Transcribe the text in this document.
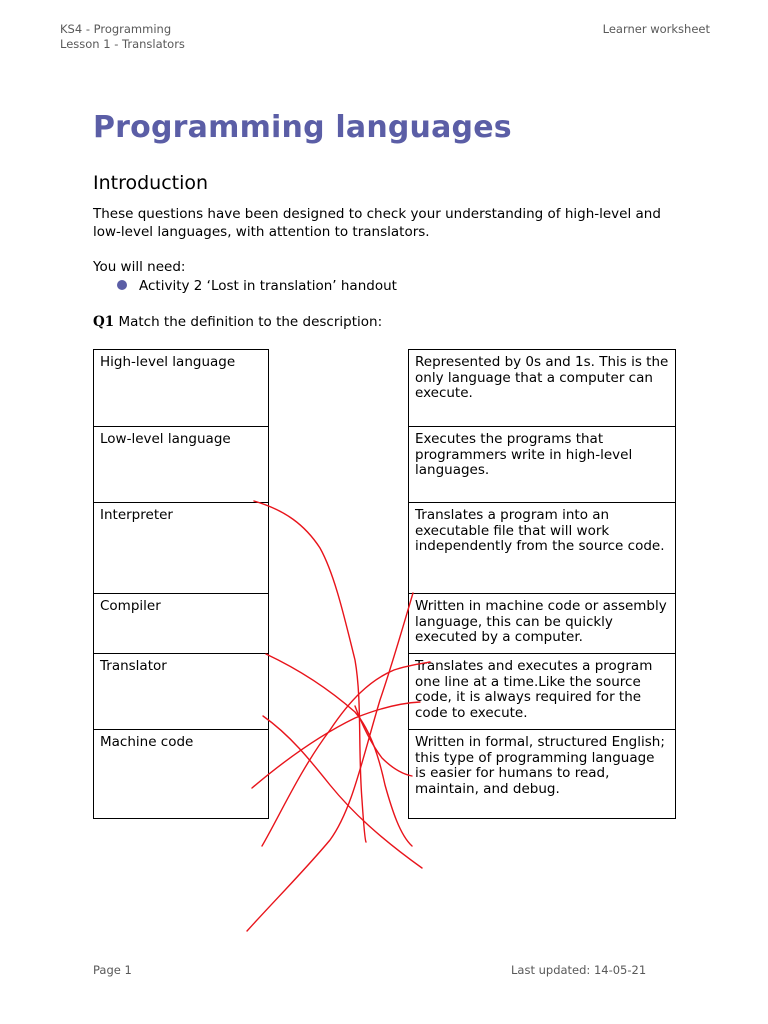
KS4 - Programming
Lesson 1 - Translators
Learner worksheet
Programming languages
Introduction
These questions have been designed to check your understanding of high-level and low-level languages, with attention to translators.
You will need:
Activity 2 ‘Lost in translation’ handout
Q1 Match the definition to the description:
High-level language
Low-level language
Interpreter
Compiler
Translator
Machine code
Represented by 0s and 1s. This is the only language that a computer can execute.
Executes the programs that programmers write in high-level languages.
Translates a program into an executable file that will work independently from the source code.
Written in machine code or assembly language, this can be quickly executed by a computer.
Translates and executes a program one line at a time.Like the source code, it is always required for the code to execute.
Written in formal, structured English; this type of programming language is easier for humans to read, maintain, and debug.
Page 1	Last updated: 14-05-21
